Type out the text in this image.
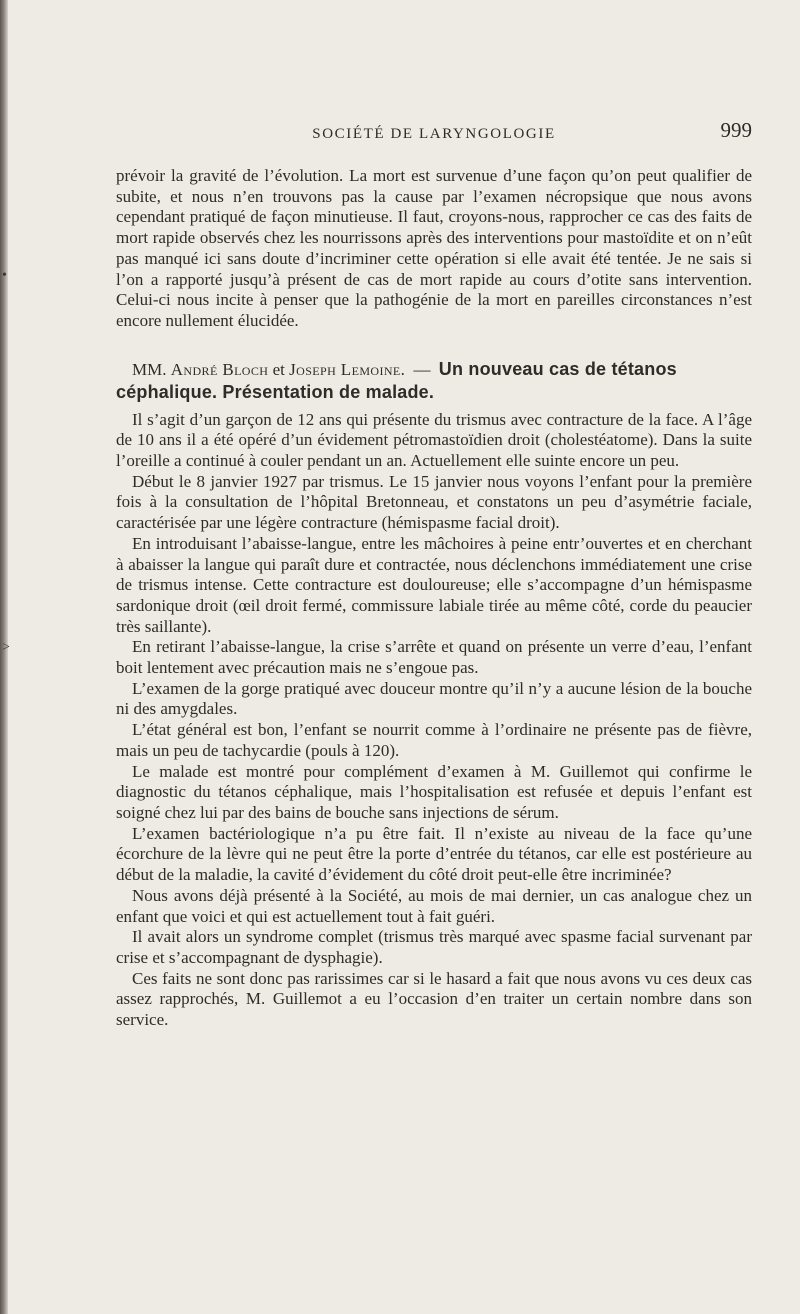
•
>
SOCIÉTÉ DE LARYNGOLOGIE	999

prévoir la gravité de l’évolution. La mort est survenue d’une façon qu’on peut qualifier de subite, et nous n’en trouvons pas la cause par l’examen nécropsique que nous avons cependant pratiqué de façon minutieuse. Il faut, croyons-nous, rapprocher ce cas des faits de mort rapide observés chez les nourrissons après des interventions pour mastoïdite et on n’eût pas manqué ici sans doute d’incriminer cette opération si elle avait été tentée. Je ne sais si l’on a rapporté jusqu’à présent de cas de mort rapide au cours d’otite sans intervention. Celui-ci nous incite à penser que la pathogénie de la mort en pareilles circonstances n’est encore nullement élucidée.

MM. André Bloch et Joseph Lemoine. — Un nouveau cas de tétanos céphalique. Présentation de malade.

Il s’agit d’un garçon de 12 ans qui présente du trismus avec contracture de la face. A l’âge de 10 ans il a été opéré d’un évidement pétromastoïdien droit (cholestéatome). Dans la suite l’oreille a continué à couler pendant un an. Actuellement elle suinte encore un peu.

Début le 8 janvier 1927 par trismus. Le 15 janvier nous voyons l’enfant pour la première fois à la consultation de l’hôpital Bretonneau, et constatons un peu d’asymétrie faciale, caractérisée par une légère contracture (hémispasme facial droit).

En introduisant l’abaisse-langue, entre les mâchoires à peine entr’ouvertes et en cherchant à abaisser la langue qui paraît dure et contractée, nous déclenchons immédiatement une crise de trismus intense. Cette contracture est douloureuse; elle s’accompagne d’un hémispasme sardonique droit (œil droit fermé, commissure labiale tirée au même côté, corde du peaucier très saillante).

En retirant l’abaisse-langue, la crise s’arrête et quand on présente un verre d’eau, l’enfant boit lentement avec précaution mais ne s’engoue pas.

L’examen de la gorge pratiqué avec douceur montre qu’il n’y a aucune lésion de la bouche ni des amygdales.

L’état général est bon, l’enfant se nourrit comme à l’ordinaire ne présente pas de fièvre, mais un peu de tachycardie (pouls à 120).

Le malade est montré pour complément d’examen à M. Guillemot qui confirme le diagnostic du tétanos céphalique, mais l’hospitalisation est refusée et depuis l’enfant est soigné chez lui par des bains de bouche sans injections de sérum.

L’examen bactériologique n’a pu être fait. Il n’existe au niveau de la face qu’une écorchure de la lèvre qui ne peut être la porte d’entrée du tétanos, car elle est postérieure au début de la maladie, la cavité d’évidement du côté droit peut-elle être incriminée?

Nous avons déjà présenté à la Société, au mois de mai dernier, un cas analogue chez un enfant que voici et qui est actuellement tout à fait guéri.

Il avait alors un syndrome complet (trismus très marqué avec spasme facial survenant par crise et s’accompagnant de dysphagie).

Ces faits ne sont donc pas rarissimes car si le hasard a fait que nous avons vu ces deux cas assez rapprochés, M. Guillemot a eu l’occasion d’en traiter un certain nombre dans son service.
